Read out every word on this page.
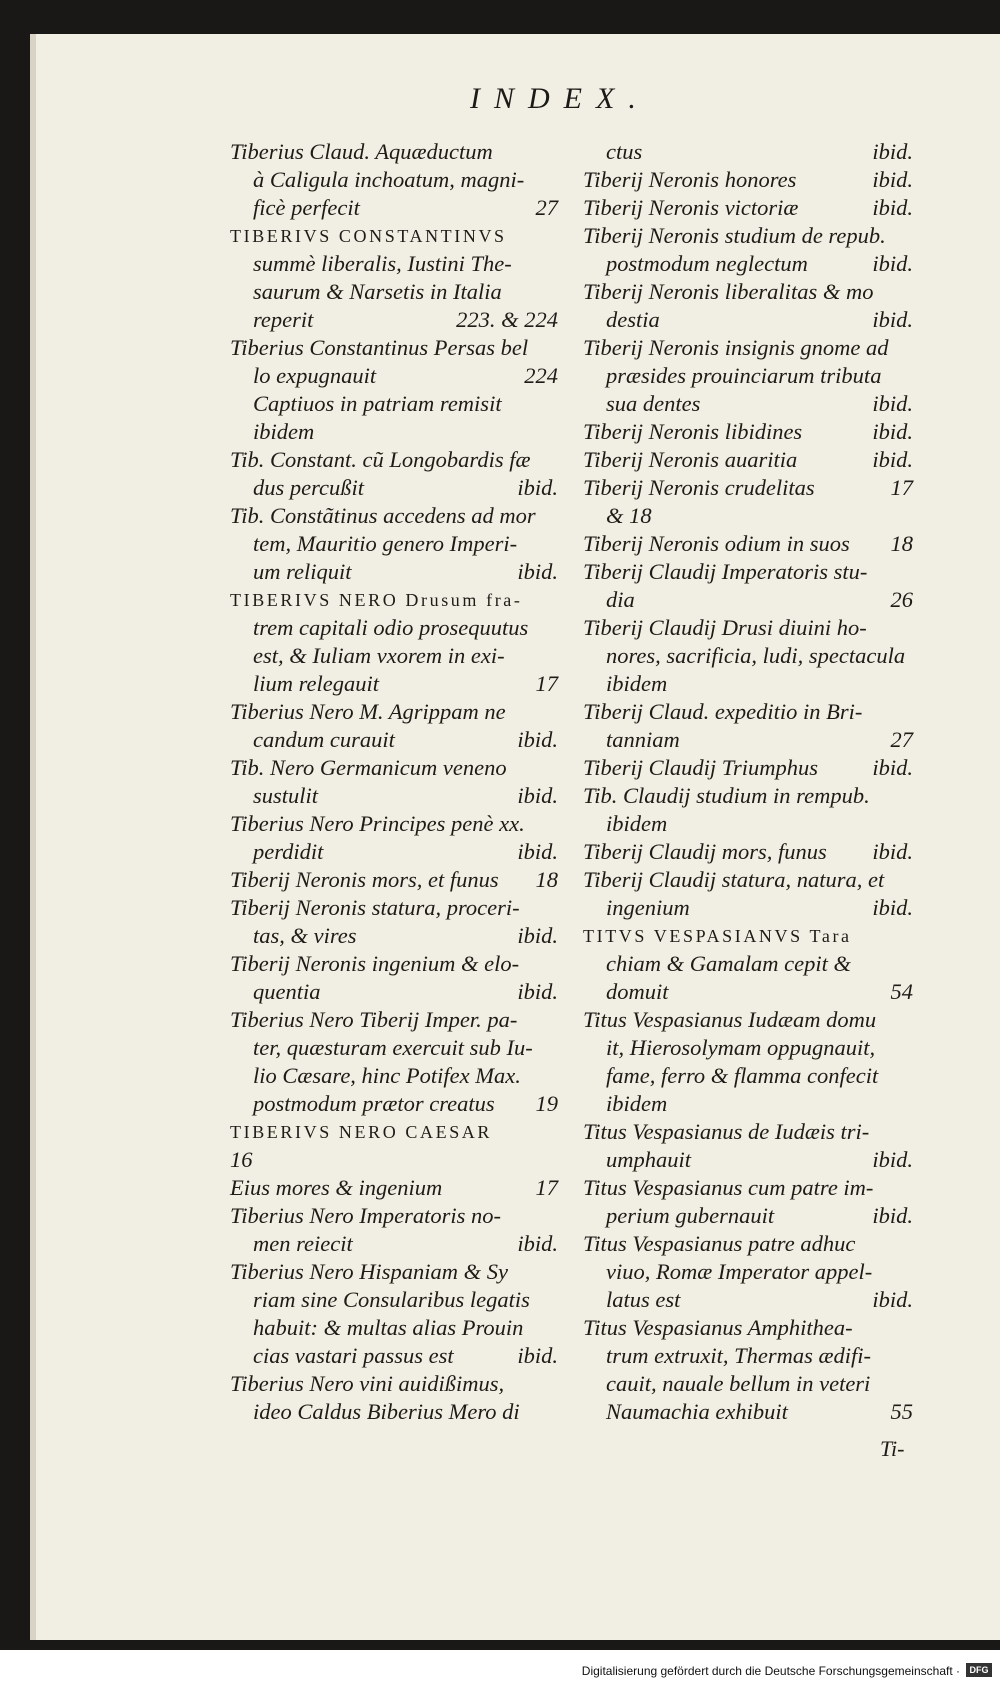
INDEX.
Tiberius Claud. Aquæductum
à Caligula inchoatum, magni-
ficè perfecit	27
TIBERIVS CONSTANTINVS
summè liberalis, Iustini The-
saurum & Narsetis in Italia
reperit	223. & 224
Tiberius Constantinus Persas bel
lo expugnauit	224
Captiuos in patriam remisit
ibidem
Tib. Constant. cũ Longobardis fæ
dus percußit	ibid.
Tib. Constãtinus accedens ad mor
tem, Mauritio genero Imperi-
um reliquit	ibid.
TIBERIVS NERO Drusum fra-
trem capitali odio prosequutus
est, & Iuliam vxorem in exi-
lium relegauit	17
Tiberius Nero M. Agrippam ne
candum curauit	ibid.
Tib. Nero Germanicum veneno
sustulit	ibid.
Tiberius Nero Principes penè xx.
perdidit	ibid.
Tiberij Neronis mors, et funus 18
Tiberij Neronis statura, proceri-
tas, & vires	ibid.
Tiberij Neronis ingenium & elo-
quentia	ibid.
Tiberius Nero Tiberij Imper. pa-
ter, quæsturam exercuit sub Iu-
lio Cæsare, hinc Potifex Max.
postmodum prætor creatus 19
TIBERIVS NERO CAESAR
16
Eius mores & ingenium	17
Tiberius Nero Imperatoris no-
men reiecit	ibid.
Tiberius Nero Hispaniam & Sy
riam sine Consularibus legatis
habuit: & multas alias Prouin
cias vastari passus est	ibid.
Tiberius Nero vini auidißimus,
ideo Caldus Biberius Mero di
ctus	ibid.
Tiberij Neronis honores	ibid.
Tiberij Neronis victoriæ	ibid.
Tiberij Neronis studium de repub.
postmodum neglectum	ibid.
Tiberij Neronis liberalitas & mo
destia	ibid.
Tiberij Neronis insignis gnome ad
præsides prouinciarum tributa
sua dentes	ibid.
Tiberij Neronis libidines	ibid.
Tiberij Neronis auaritia	ibid.
Tiberij Neronis crudelitas	17
& 18
Tiberij Neronis odium in suos 18
Tiberij Claudij Imperatoris stu-
dia	26
Tiberij Claudij Drusi diuini ho-
nores, sacrificia, ludi, spectacula
ibidem
Tiberij Claud. expeditio in Bri-
tanniam	27
Tiberij Claudij Triumphus ibid.
Tib. Claudij studium in rempub.
ibidem
Tiberij Claudij mors, funus ibid.
Tiberij Claudij statura, natura, et
ingenium	ibid.
TITVS VESPASIANVS Tara
chiam & Gamalam cepit &
domuit	54
Titus Vespasianus Iudæam domu
it, Hierosolymam oppugnauit,
fame, ferro & flamma confecit
ibidem
Titus Vespasianus de Iudæis tri-
umphauit	ibid.
Titus Vespasianus cum patre im-
perium gubernauit	ibid.
Titus Vespasianus patre adhuc
viuo, Romæ Imperator appel-
latus est	ibid.
Titus Vespasianus Amphithea-
trum extruxit, Thermas ædifi-
cauit, nauale bellum in veteri
Naumachia exhibuit	55
Ti-
Digitalisierung gefördert durch die Deutsche Forschungsgemeinschaft ·	DFG
